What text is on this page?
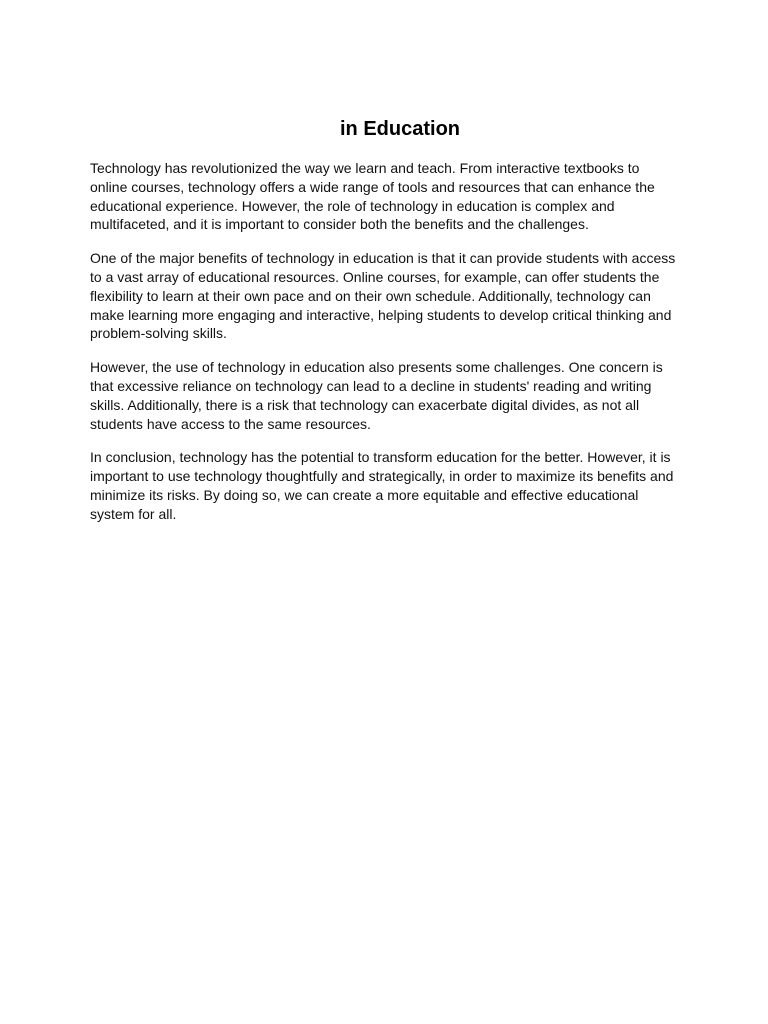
in Education

Technology has revolutionized the way we learn and teach. From interactive textbooks to online courses, technology offers a wide range of tools and resources that can enhance the educational experience. However, the role of technology in education is complex and multifaceted, and it is important to consider both the benefits and the challenges.

One of the major benefits of technology in education is that it can provide students with access to a vast array of educational resources. Online courses, for example, can offer students the flexibility to learn at their own pace and on their own schedule. Additionally, technology can make learning more engaging and interactive, helping students to develop critical thinking and problem-solving skills.

However, the use of technology in education also presents some challenges. One concern is that excessive reliance on technology can lead to a decline in students' reading and writing skills. Additionally, there is a risk that technology can exacerbate digital divides, as not all students have access to the same resources.

In conclusion, technology has the potential to transform education for the better. However, it is important to use technology thoughtfully and strategically, in order to maximize its benefits and minimize its risks. By doing so, we can create a more equitable and effective educational system for all.
